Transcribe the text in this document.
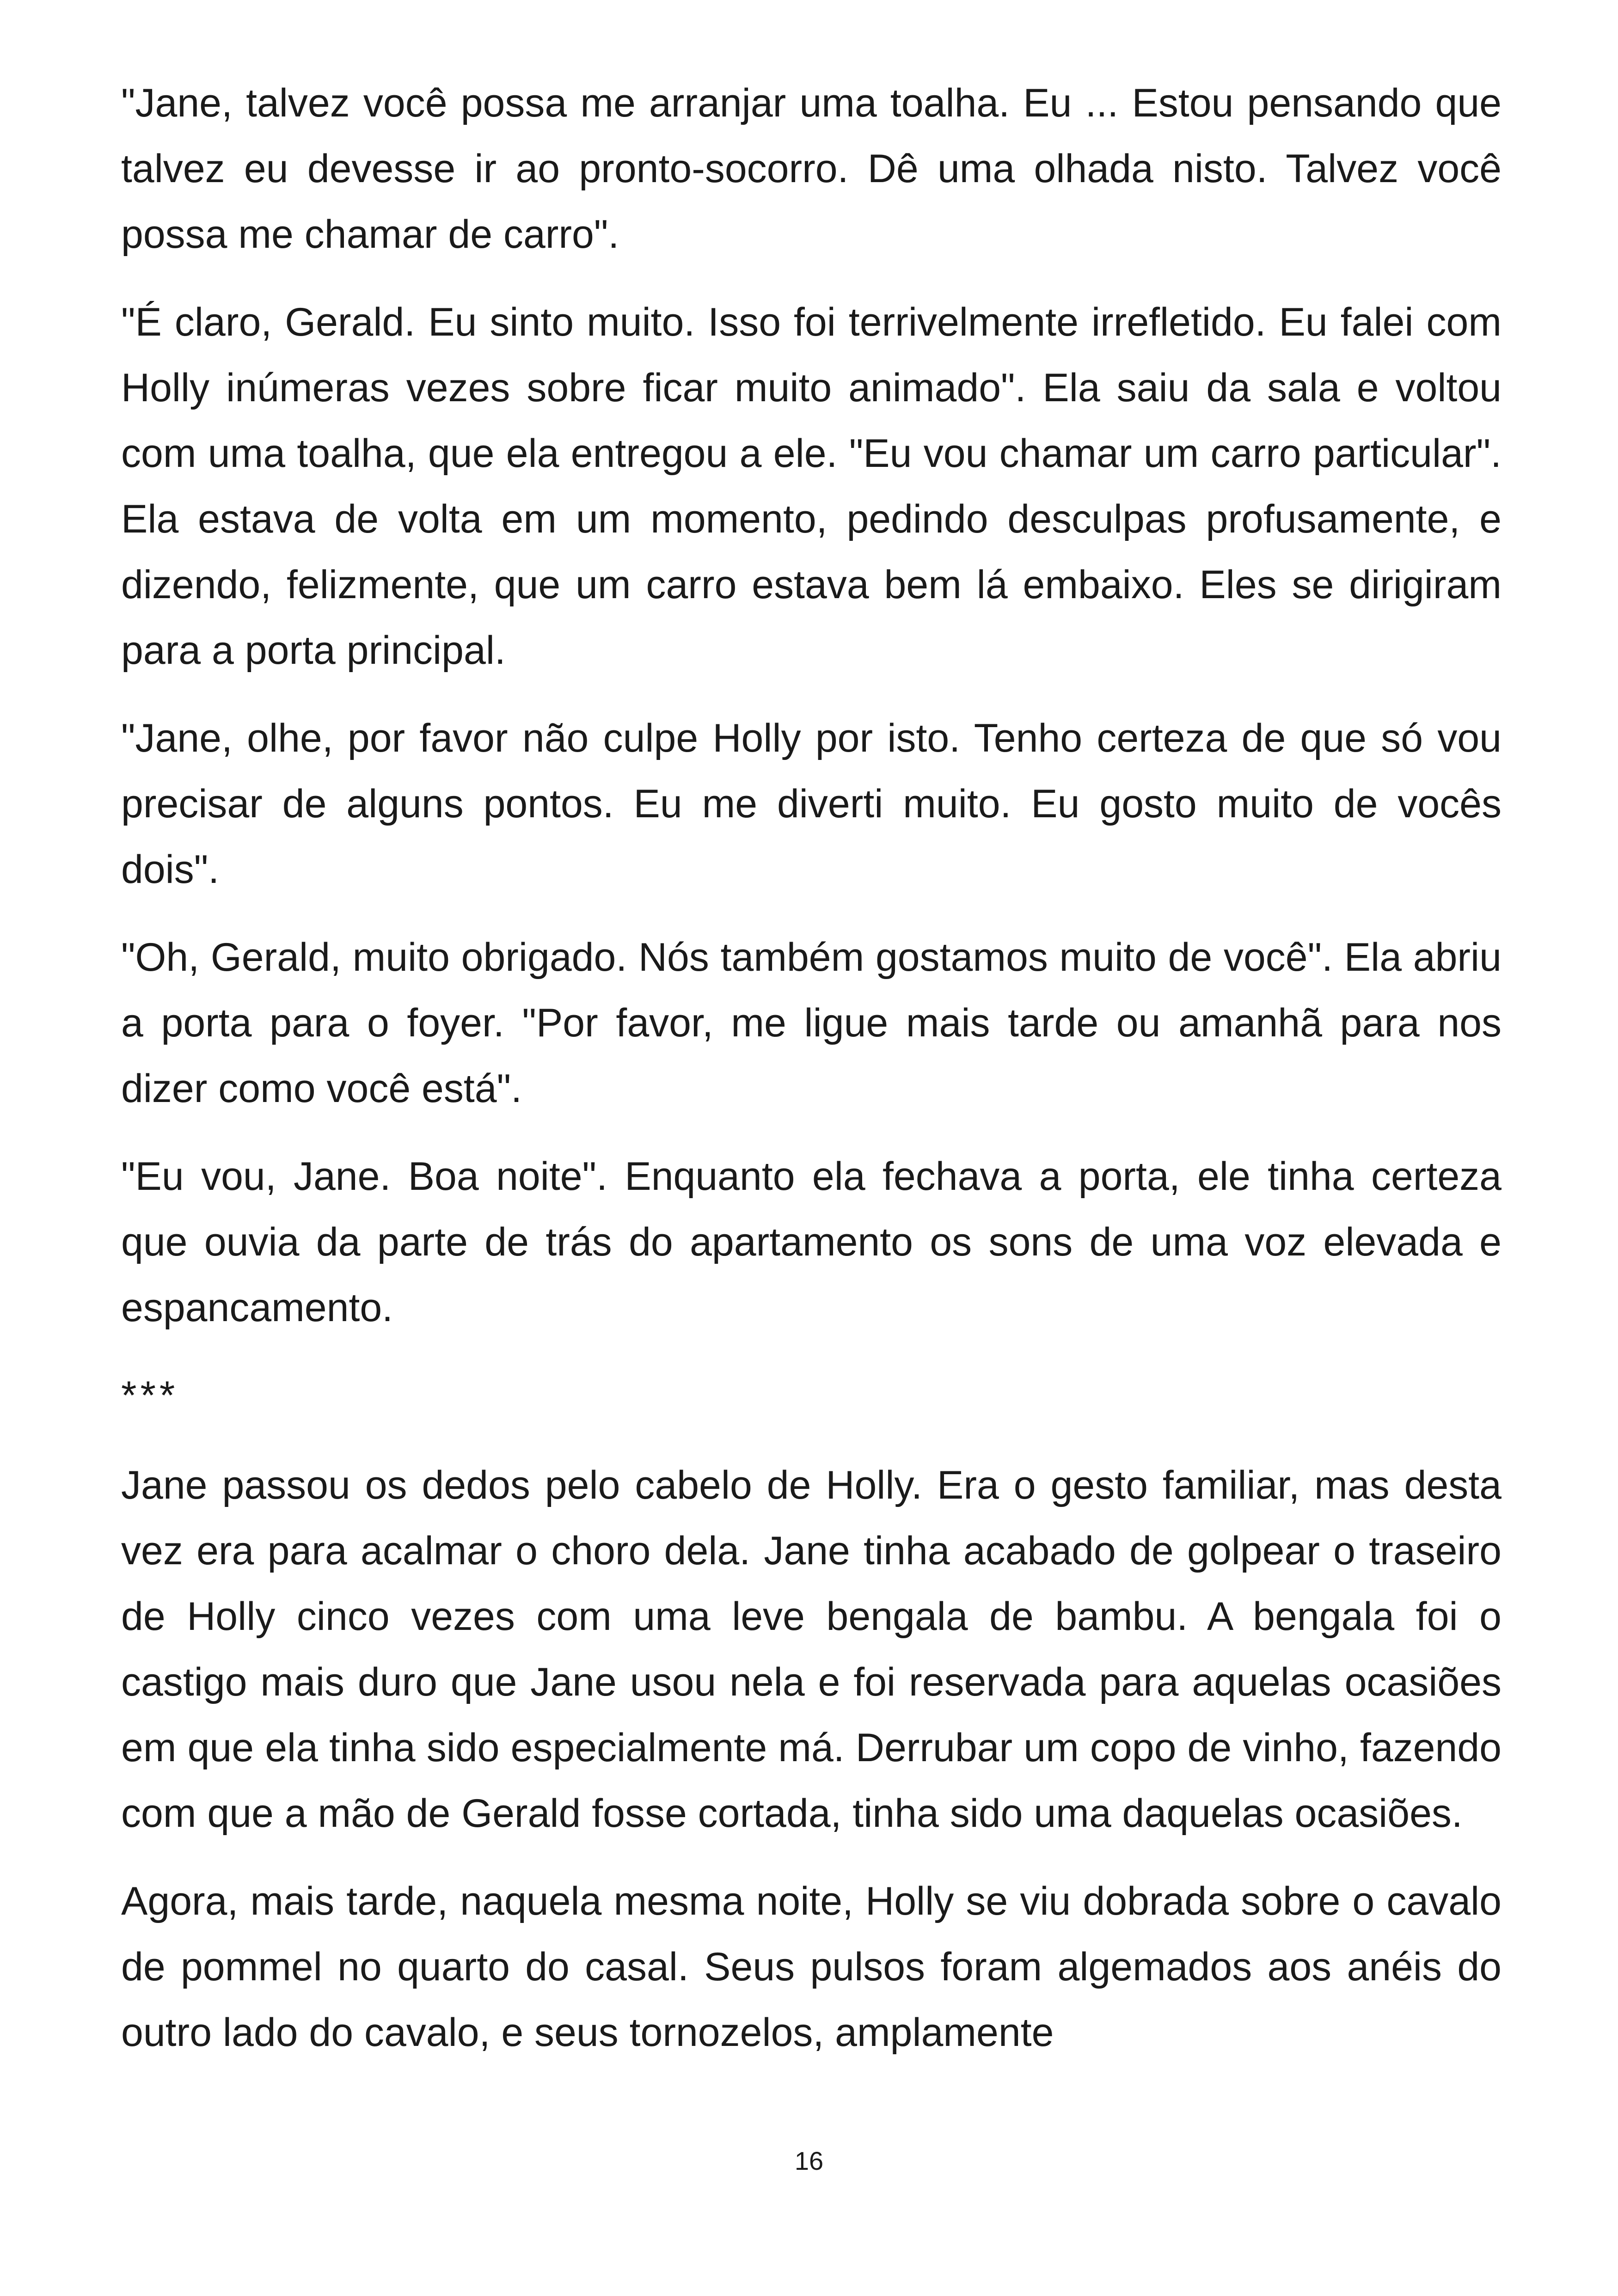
"Jane, talvez você possa me arranjar uma toalha. Eu ... Estou pensando que talvez eu devesse ir ao pronto-socorro. Dê uma olhada nisto. Talvez você possa me chamar de carro".

"É claro, Gerald. Eu sinto muito. Isso foi terrivelmente irrefletido. Eu falei com Holly inúmeras vezes sobre ficar muito animado". Ela saiu da sala e voltou com uma toalha, que ela entregou a ele. "Eu vou chamar um carro particular". Ela estava de volta em um momento, pedindo desculpas profusamente, e dizendo, felizmente, que um carro estava bem lá embaixo. Eles se dirigiram para a porta principal.

"Jane, olhe, por favor não culpe Holly por isto. Tenho certeza de que só vou precisar de alguns pontos. Eu me diverti muito. Eu gosto muito de vocês dois".

"Oh, Gerald, muito obrigado. Nós também gostamos muito de você". Ela abriu a porta para o foyer. "Por favor, me ligue mais tarde ou amanhã para nos dizer como você está".

"Eu vou, Jane. Boa noite". Enquanto ela fechava a porta, ele tinha certeza que ouvia da parte de trás do apartamento os sons de uma voz elevada e espancamento.

***

Jane passou os dedos pelo cabelo de Holly. Era o gesto familiar, mas desta vez era para acalmar o choro dela. Jane tinha acabado de golpear o traseiro de Holly cinco vezes com uma leve bengala de bambu. A bengala foi o castigo mais duro que Jane usou nela e foi reservada para aquelas ocasiões em que ela tinha sido especialmente má. Derrubar um copo de vinho, fazendo com que a mão de Gerald fosse cortada, tinha sido uma daquelas ocasiões.

Agora, mais tarde, naquela mesma noite, Holly se viu dobrada sobre o cavalo de pommel no quarto do casal. Seus pulsos foram algemados aos anéis do outro lado do cavalo, e seus tornozelos, amplamente

16
